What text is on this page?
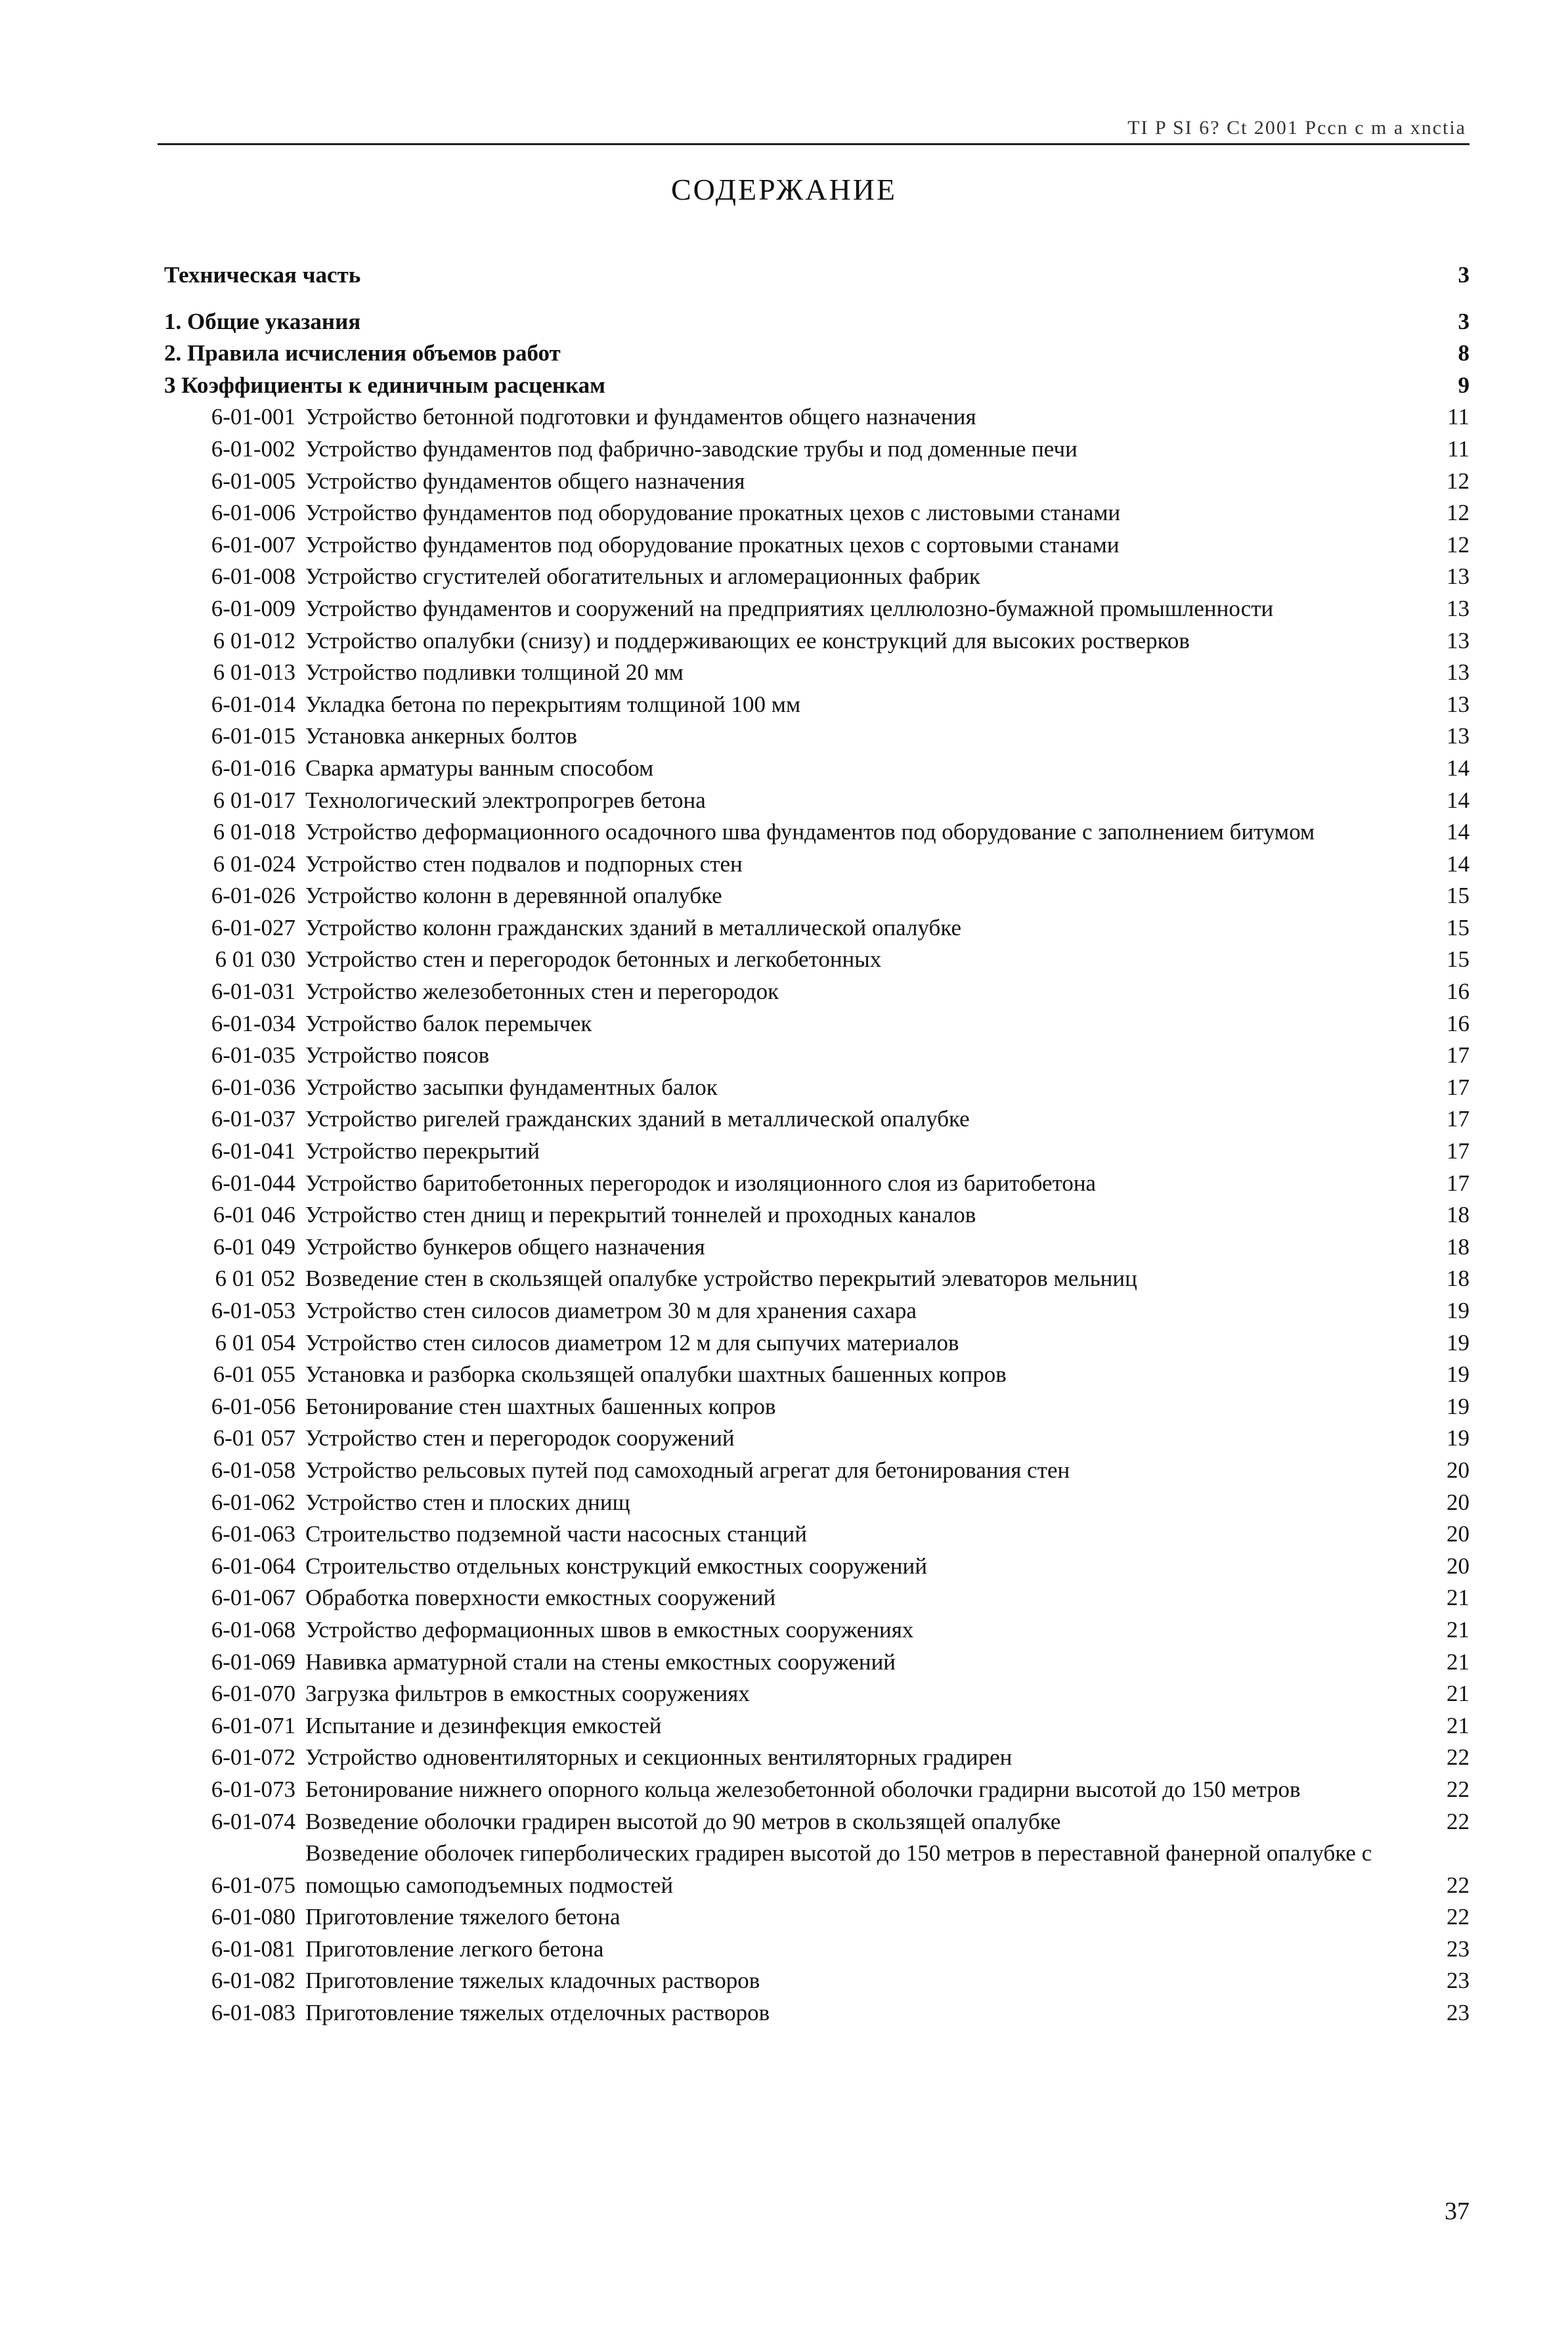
TI P SI 6? Ct 2001 Pccn c m a xnctia
СОДЕРЖАНИЕ
Техническая часть	3
1. Общие указания	3
2. Правила исчисления объемов работ	8
3 Коэффициенты к единичным расценкам	9
6-01-001 Устройство бетонной подготовки и фундаментов общего назначения	11
6-01-002 Устройство фундаментов под фабрично-заводские трубы и под доменные печи	11
6-01-005 Устройство фундаментов общего назначения	12
6-01-006 Устройство фундаментов под оборудование прокатных цехов с листовыми станами	12
6-01-007 Устройство фундаментов под оборудование прокатных цехов с сортовыми станами	12
6-01-008 Устройство сгустителей обогатительных и агломерационных фабрик	13
6-01-009 Устройство фундаментов и сооружений на предприятиях целлюлозно-бумажной промышленности	13
6 01-012 Устройство опалубки (снизу) и поддерживающих ее конструкций для высоких ростверков	13
6 01-013 Устройство подливки толщиной 20 мм	13
6-01-014 Укладка бетона по перекрытиям толщиной 100 мм	13
6-01-015 Установка анкерных болтов	13
6-01-016 Сварка арматуры ванным способом	14
6 01-017 Технологический электропрогрев бетона	14
6 01-018 Устройство деформационного осадочного шва фундаментов под оборудование с заполнением битумом	14
6 01-024 Устройство стен подвалов и подпорных стен	14
6-01-026 Устройство колонн в деревянной опалубке	15
6-01-027 Устройство колонн гражданских зданий в металлической опалубке	15
6 01 030 Устройство стен и перегородок бетонных и легкобетонных	15
6-01-031 Устройство железобетонных стен и перегородок	16
6-01-034 Устройство балок перемычек	16
6-01-035 Устройство поясов	17
6-01-036 Устройство засыпки фундаментных балок	17
6-01-037 Устройство ригелей гражданских зданий в металлической опалубке	17
6-01-041 Устройство перекрытий	17
6-01-044 Устройство баритобетонных перегородок и изоляционного слоя из баритобетона	17
6-01 046 Устройство стен днищ и перекрытий тоннелей и проходных каналов	18
6-01 049 Устройство бункеров общего назначения	18
6 01 052 Возведение стен в скользящей опалубке устройство перекрытий элеваторов мельниц	18
6-01-053 Устройство стен силосов диаметром 30 м для хранения сахара	19
6 01 054 Устройство стен силосов диаметром 12 м для сыпучих материалов	19
6-01 055 Установка и разборка скользящей опалубки шахтных башенных копров	19
6-01-056 Бетонирование стен шахтных башенных копров	19
6-01 057 Устройство стен и перегородок сооружений	19
6-01-058 Устройство рельсовых путей под самоходный агрегат для бетонирования стен	20
6-01-062 Устройство стен и плоских днищ	20
6-01-063 Строительство подземной части насосных станций	20
6-01-064 Строительство отдельных конструкций емкостных сооружений	20
6-01-067 Обработка поверхности емкостных сооружений	21
6-01-068 Устройство деформационных швов в емкостных сооружениях	21
6-01-069 Навивка арматурной стали на стены емкостных сооружений	21
6-01-070 Загрузка фильтров в емкостных сооружениях	21
6-01-071 Испытание и дезинфекция емкостей	21
6-01-072 Устройство одновентиляторных и секционных вентиляторных градирен	22
6-01-073 Бетонирование нижнего опорного кольца железобетонной оболочки градирни высотой до 150 метров	22
6-01-074 Возведение оболочки градирен высотой до 90 метров в скользящей опалубке	22
6-01-075
Возведение оболочек гиперболических градирен высотой до 150 метров в переставной фанерной опалубке с помощью самоподъемных подмостей	22
6-01-080 Приготовление тяжелого бетона	22
6-01-081 Приготовление легкого бетона	23
6-01-082 Приготовление тяжелых кладочных растворов	23
6-01-083 Приготовление тяжелых отделочных растворов	23
37
